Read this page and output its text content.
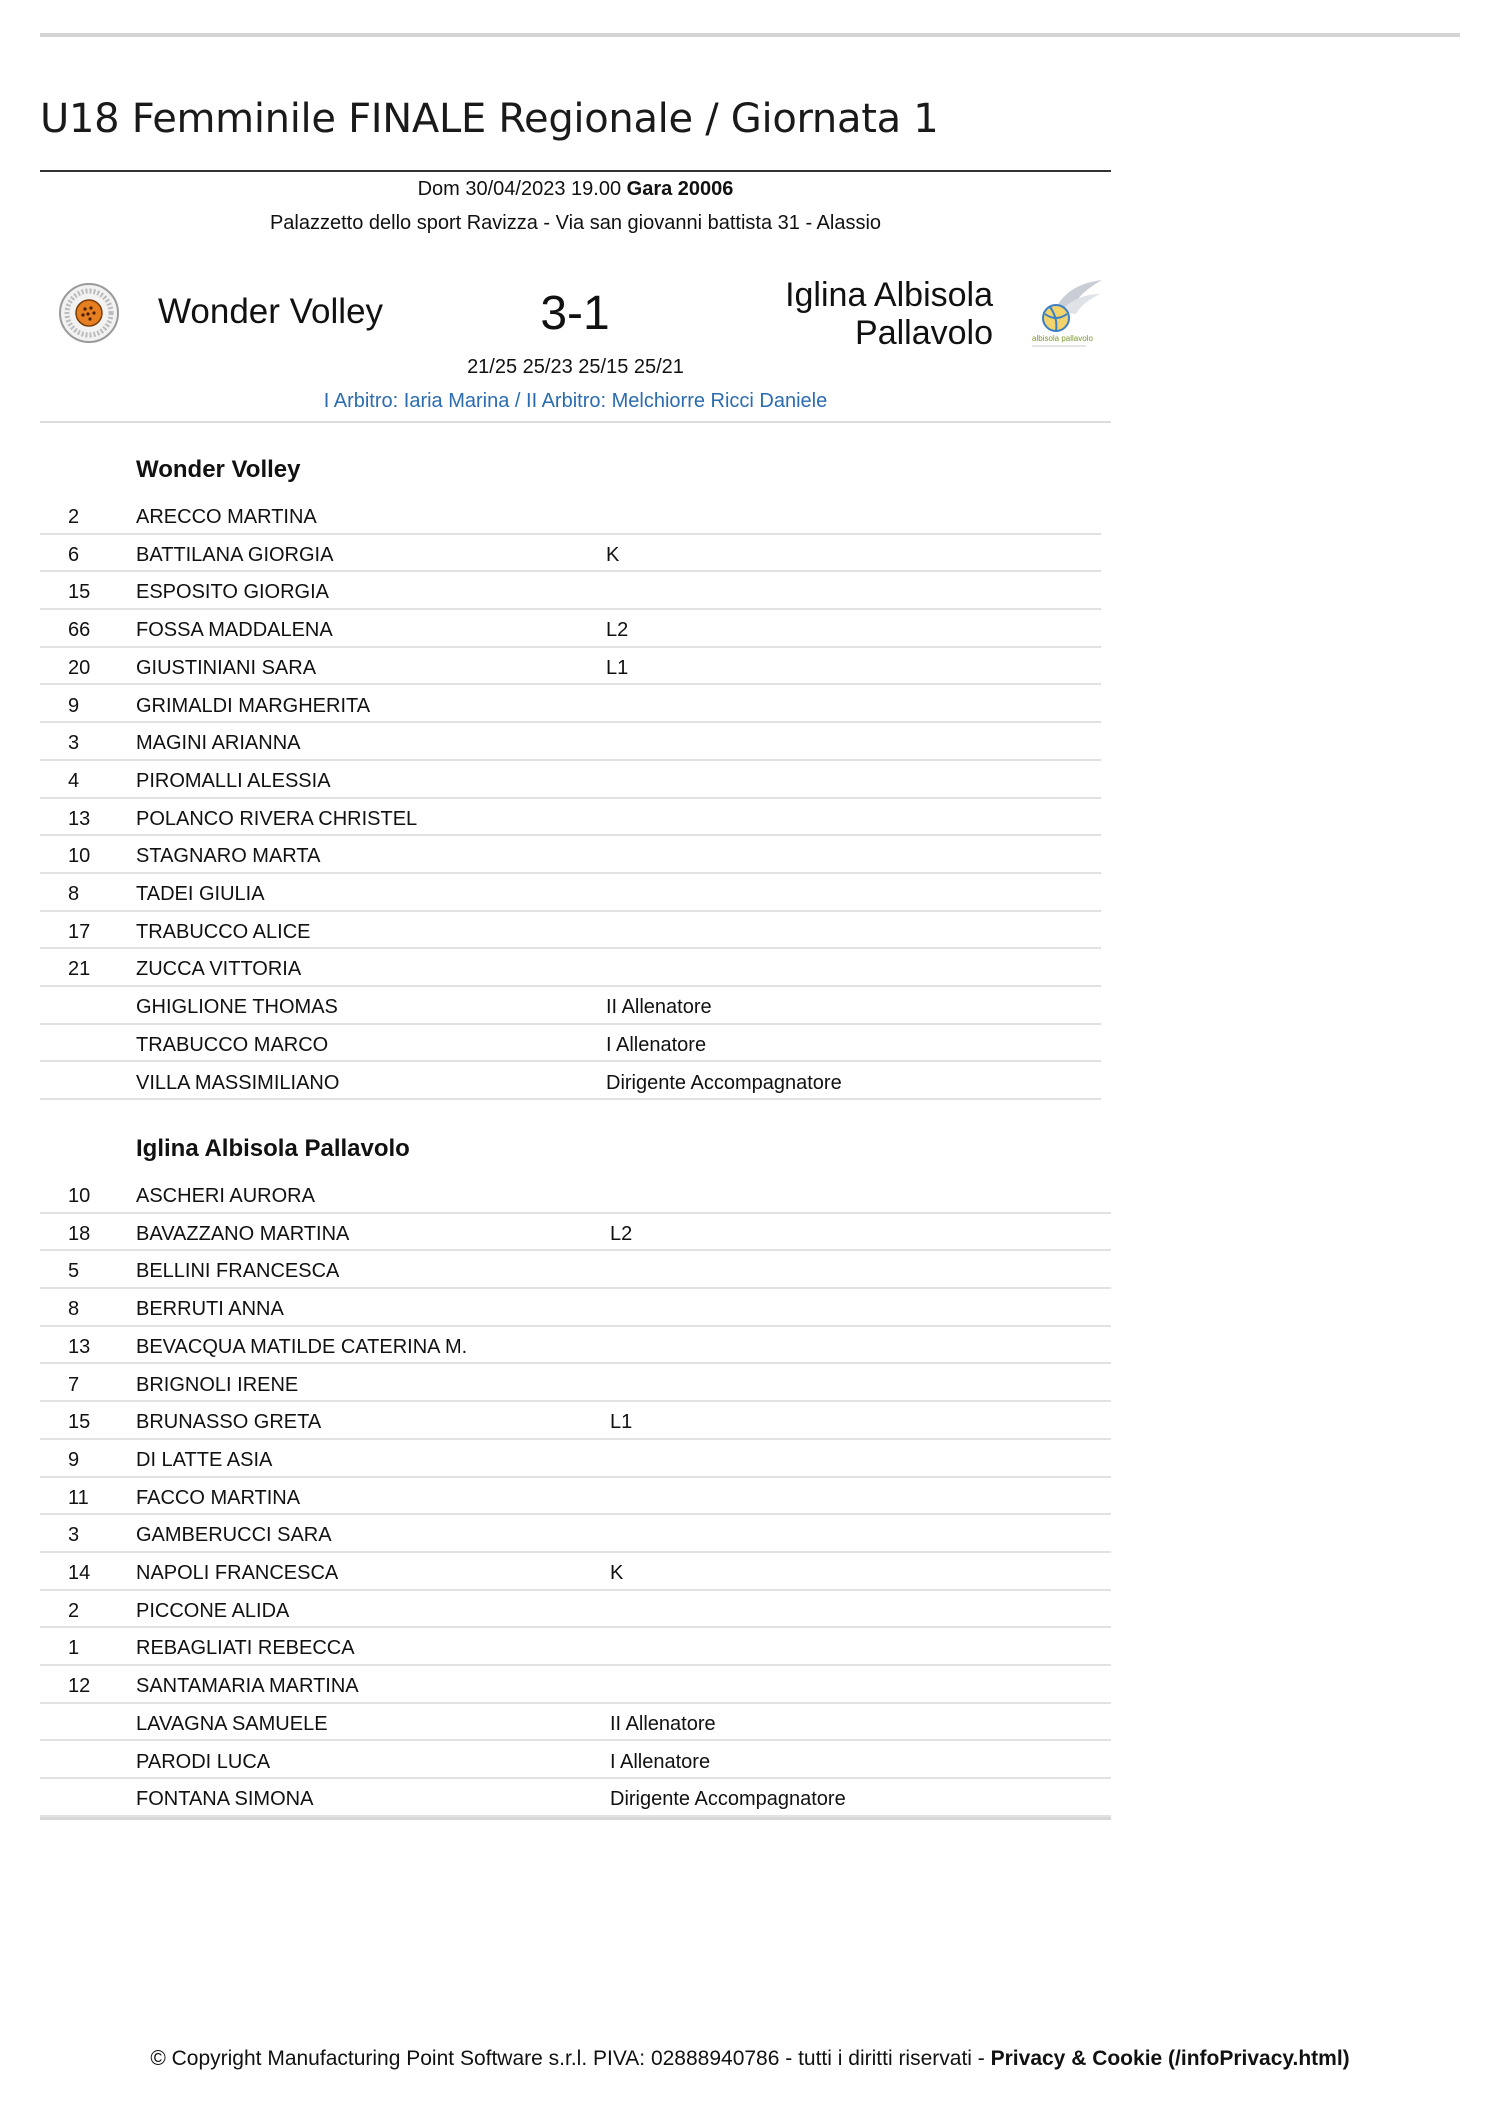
U18 Femminile FINALE Regionale / Giornata 1
Dom 30/04/2023 19.00 Gara 20006
Palazzetto dello sport Ravizza - Via san giovanni battista 31 - Alassio
Wonder Volley	3-1	Iglina Albisola
Pallavolo	albisola pallavolo
21/25 25/23 25/15 25/21
I Arbitro: Iaria Marina / II Arbitro: Melchiorre Ricci Daniele
Wonder Volley
2	ARECCO MARTINA
6	BATTILANA GIORGIA	K
15	ESPOSITO GIORGIA
66	FOSSA MADDALENA	L2
20	GIUSTINIANI SARA	L1
9	GRIMALDI MARGHERITA
3	MAGINI ARIANNA
4	PIROMALLI ALESSIA
13	POLANCO RIVERA CHRISTEL
10	STAGNARO MARTA
8	TADEI GIULIA
17	TRABUCCO ALICE
21	ZUCCA VITTORIA
GHIGLIONE THOMAS	II Allenatore
TRABUCCO MARCO	I Allenatore
VILLA MASSIMILIANO	Dirigente Accompagnatore
Iglina Albisola Pallavolo
10	ASCHERI AURORA
18	BAVAZZANO MARTINA	L2
5	BELLINI FRANCESCA
8	BERRUTI ANNA
13	BEVACQUA MATILDE CATERINA M.
7	BRIGNOLI IRENE
15	BRUNASSO GRETA	L1
9	DI LATTE ASIA
11	FACCO MARTINA
3	GAMBERUCCI SARA
14	NAPOLI FRANCESCA	K
2	PICCONE ALIDA
1	REBAGLIATI REBECCA
12	SANTAMARIA MARTINA
LAVAGNA SAMUELE	II Allenatore
PARODI LUCA	I Allenatore
FONTANA SIMONA	Dirigente Accompagnatore
© Copyright Manufacturing Point Software s.r.l. PIVA: 02888940786 - tutti i diritti riservati - Privacy & Cookie (/infoPrivacy.html)
